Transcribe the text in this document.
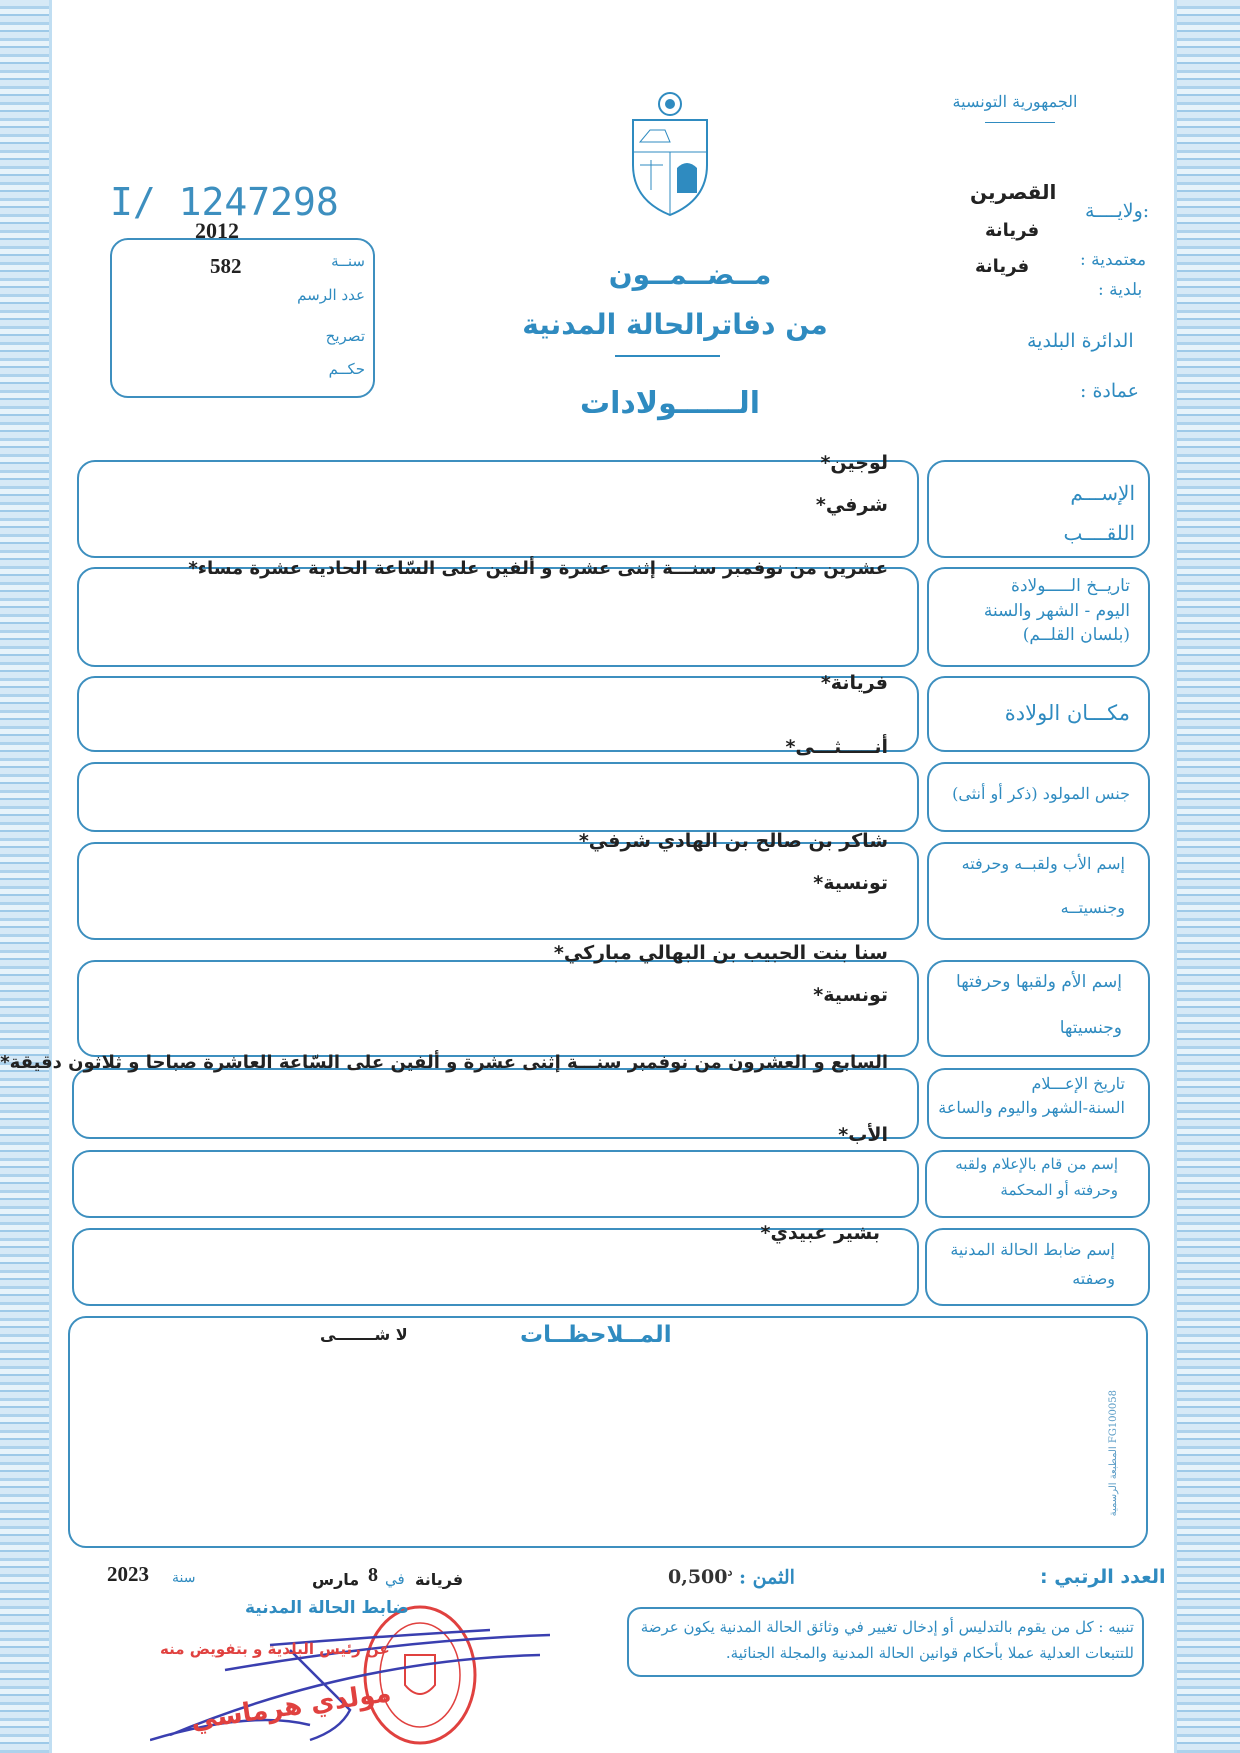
الجمهورية التونسية
ولايــــة:
القصرين
فريانة
معتمدية :
فريانة
بلدية :
الدائرة البلدية
عمادة :
I/ 1247298
2012
582	سنــة
عدد الرسم
تصريح
حكــم
مــضــمــون
من دفاترالحالة المدنية
الــــــولادات
الإســـم
اللقــــب
لوجين*
شرفي*
تاريــخ الـــــولادة
اليوم - الشهر والسنة
(بلسان القلــم)
عشرين من نوفمبر سنـــة إثنى عشرة و ألفين على السّاعة الحادية عشرة مساء*
مكـــان الولادة
فريانة*
جنس المولود (ذكر أو أنثى)
أنـــــثـــى*
إسم الأب ولقبــه وحرفته
وجنسيتــه
شاكر بن صالح بن الهادي شرفي*
تونسية*
إسم الأم ولقبها وحرفتها
وجنسيتها
سنا بنت الحبيب بن البهالي مباركي*
تونسية*
تاريخ الإعـــلام
السنة-الشهر واليوم والساعة
السابع و العشرون من نوفمبر سنـــة إثنى عشرة و ألفين على السّاعة العاشرة صباحا و ثلاثون دقيقة*
إسم من قام بالإعلام ولقبه
وحرفته أو المحكمة
الأب*
إسم ضابط الحالة المدنية
وصفته
بشير عبيدي*
المــلاحظــات
لا شـــــــى
المطبعة الرسمية FG100058
العدد الرتبي :
الثمن : $^د$0,500
فريانة
في
8
مارس
سنة
2023
تنبيه : كل من يقوم بالتدليس أو إدخال تغيير في وثائق الحالة المدنية يكون عرضة للتتبعات العدلية عملا بأحكام قوانين الحالة المدنية والمجلة الجنائية.
ضابط الحالة المدنية
عن رئيس البلدية و بتفويض منه
مولدي هرماسي
